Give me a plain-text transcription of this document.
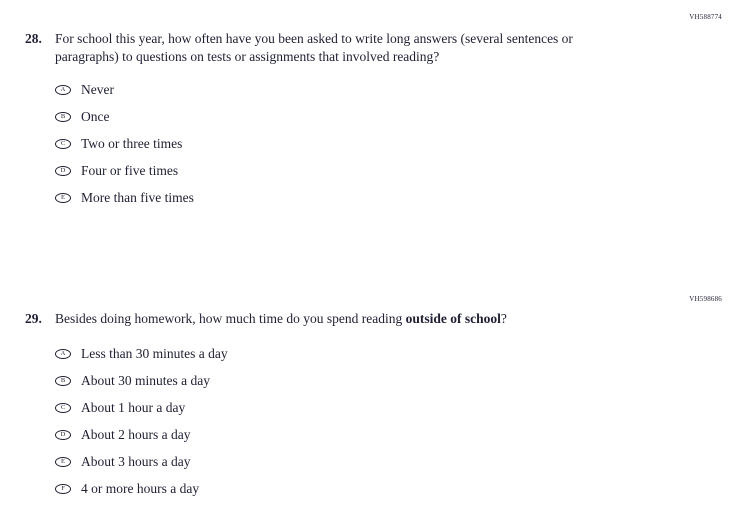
VH588774
28. For school this year, how often have you been asked to write long answers (several sentences or paragraphs) to questions on tests or assignments that involved reading?

A Never
B Once
C Two or three times
D Four or five times
E More than five times
VH598686
29. Besides doing homework, how much time do you spend reading outside of school?

A Less than 30 minutes a day
B About 30 minutes a day
C About 1 hour a day
D About 2 hours a day
E About 3 hours a day
F 4 or more hours a day
